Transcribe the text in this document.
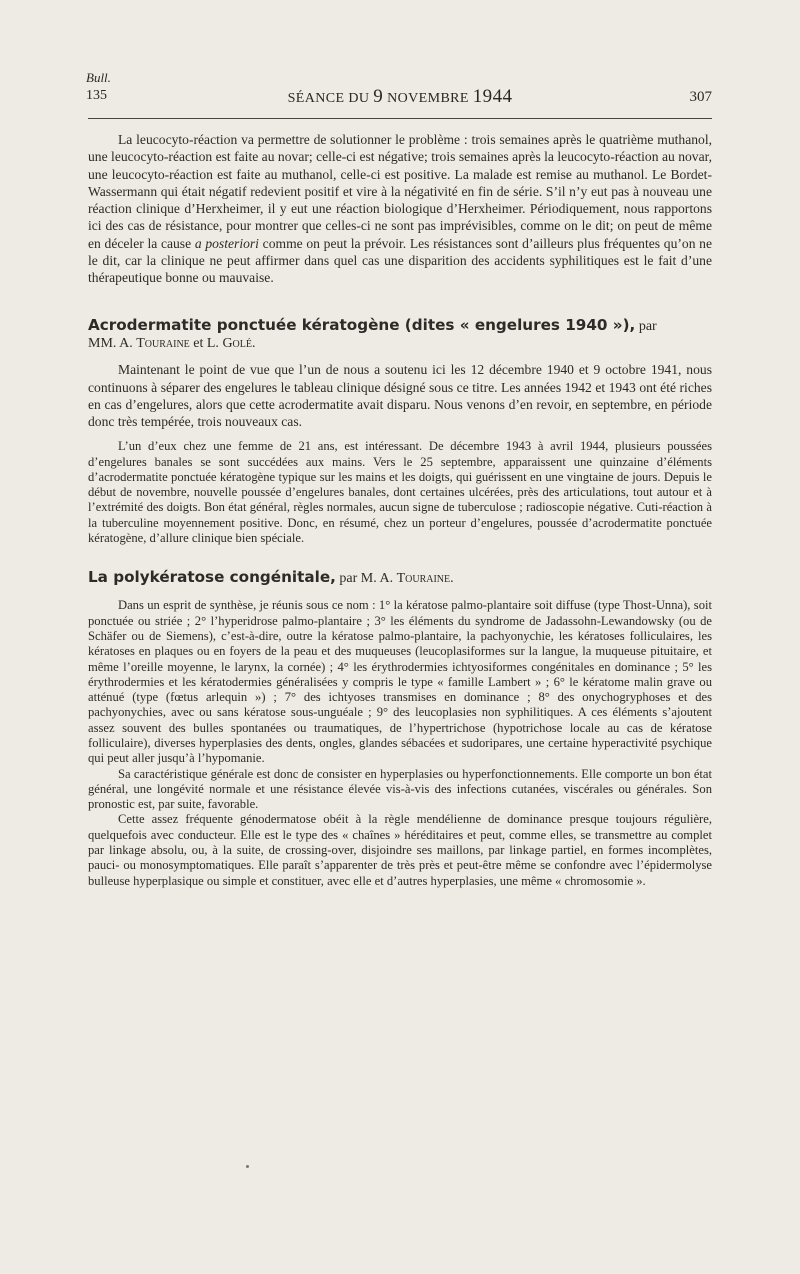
Bull.
135	SÉANCE DU 9 NOVEMBRE 1944	307

La leucocyto-réaction va permettre de solutionner le problème : trois semaines après le quatrième muthanol, une leucocyto-réaction est faite au novar; celle-ci est négative; trois semaines après la leucocyto-réaction au novar, une leucocyto-réaction est faite au muthanol, celle-ci est positive. La malade est remise au muthanol. Le Bordet-Wassermann qui était négatif redevient positif et vire à la négativité en fin de série. S’il n’y eut pas à nouveau une réaction clinique d’Herxheimer, il y eut une réaction biologique d’Herxheimer. Périodiquement, nous rapportons ici des cas de résistance, pour montrer que celles-ci ne sont pas imprévisibles, comme on le dit; on peut de même en déceler la cause a posteriori comme on peut la prévoir. Les résistances sont d’ailleurs plus fréquentes qu’on ne le dit, car la clinique ne peut affirmer dans quel cas une disparition des accidents syphilitiques est le fait d’une thérapeutique bonne ou mauvaise.

Acrodermatite ponctuée kératogène (dites « engelures 1940 »), par
MM. A. Touraine et L. Golé.

Maintenant le point de vue que l’un de nous a soutenu ici les 12 décembre 1940 et 9 octobre 1941, nous continuons à séparer des engelures le tableau clinique désigné sous ce titre. Les années 1942 et 1943 ont été riches en cas d’engelures, alors que cette acrodermatite avait disparu. Nous venons d’en revoir, en septembre, en période donc très tempérée, trois nouveaux cas.

L’un d’eux chez une femme de 21 ans, est intéressant. De décembre 1943 à avril 1944, plusieurs poussées d’engelures banales se sont succédées aux mains. Vers le 25 septembre, apparaissent une quinzaine d’éléments d’acrodermatite ponctuée kératogène typique sur les mains et les doigts, qui guérissent en une vingtaine de jours. Depuis le début de novembre, nouvelle poussée d’engelures banales, dont certaines ulcérées, près des articulations, tout autour et à l’extrémité des doigts. Bon état général, règles normales, aucun signe de tuberculose ; radioscopie négative. Cuti-réaction à la tuberculine moyennement positive. Donc, en résumé, chez un porteur d’engelures, poussée d’acrodermatite ponctuée kératogène, d’allure clinique bien spéciale.

La polykératose congénitale, par M. A. Touraine.

Dans un esprit de synthèse, je réunis sous ce nom : 1° la kératose palmo-plantaire soit diffuse (type Thost-Unna), soit ponctuée ou striée ; 2° l’hyperidrose palmo-plantaire ; 3° les éléments du syndrome de Jadassohn-Lewandowsky (ou de Schäfer ou de Siemens), c’est-à-dire, outre la kératose palmo-plantaire, la pachyonychie, les kératoses folliculaires, les kératoses en plaques ou en foyers de la peau et des muqueuses (leucoplasiformes sur la langue, la muqueuse pituitaire, et même l’oreille moyenne, le larynx, la cornée) ; 4° les érythrodermies ichtyosiformes congénitales en dominance ; 5° les érythrodermies et les kératodermies généralisées y compris le type « famille Lambert » ; 6° le kératome malin grave ou atténué (type (fœtus arlequin ») ; 7° des ichtyoses transmises en dominance ; 8° des onychogryphoses et des pachyonychies, avec ou sans kératose sous-unguéale ; 9° des leucoplasies non syphilitiques. A ces éléments s’ajoutent assez souvent des bulles spontanées ou traumatiques, de l’hypertrichose (hypotrichose locale au cas de kératose folliculaire), diverses hyperplasies des dents, ongles, glandes sébacées et sudoripares, une certaine hyperactivité psychique qui peut aller jusqu’à l’hypomanie.

Sa caractéristique générale est donc de consister en hyperplasies ou hyperfonctionnements. Elle comporte un bon état général, une longévité normale et une résistance élevée vis-à-vis des infections cutanées, viscérales ou générales. Son pronostic est, par suite, favorable.

Cette assez fréquente génodermatose obéit à la règle mendélienne de dominance presque toujours régulière, quelquefois avec conducteur. Elle est le type des « chaînes » héréditaires et peut, comme elles, se transmettre au complet par linkage absolu, ou, à la suite, de crossing-over, disjoindre ses maillons, par linkage partiel, en formes incomplètes, pauci- ou monosymptomatiques. Elle paraît s’apparenter de très près et peut-être même se confondre avec l’épidermolyse bulleuse hyperplasique ou simple et constituer, avec elle et d’autres hyperplasies, une même « chromosomie ».
